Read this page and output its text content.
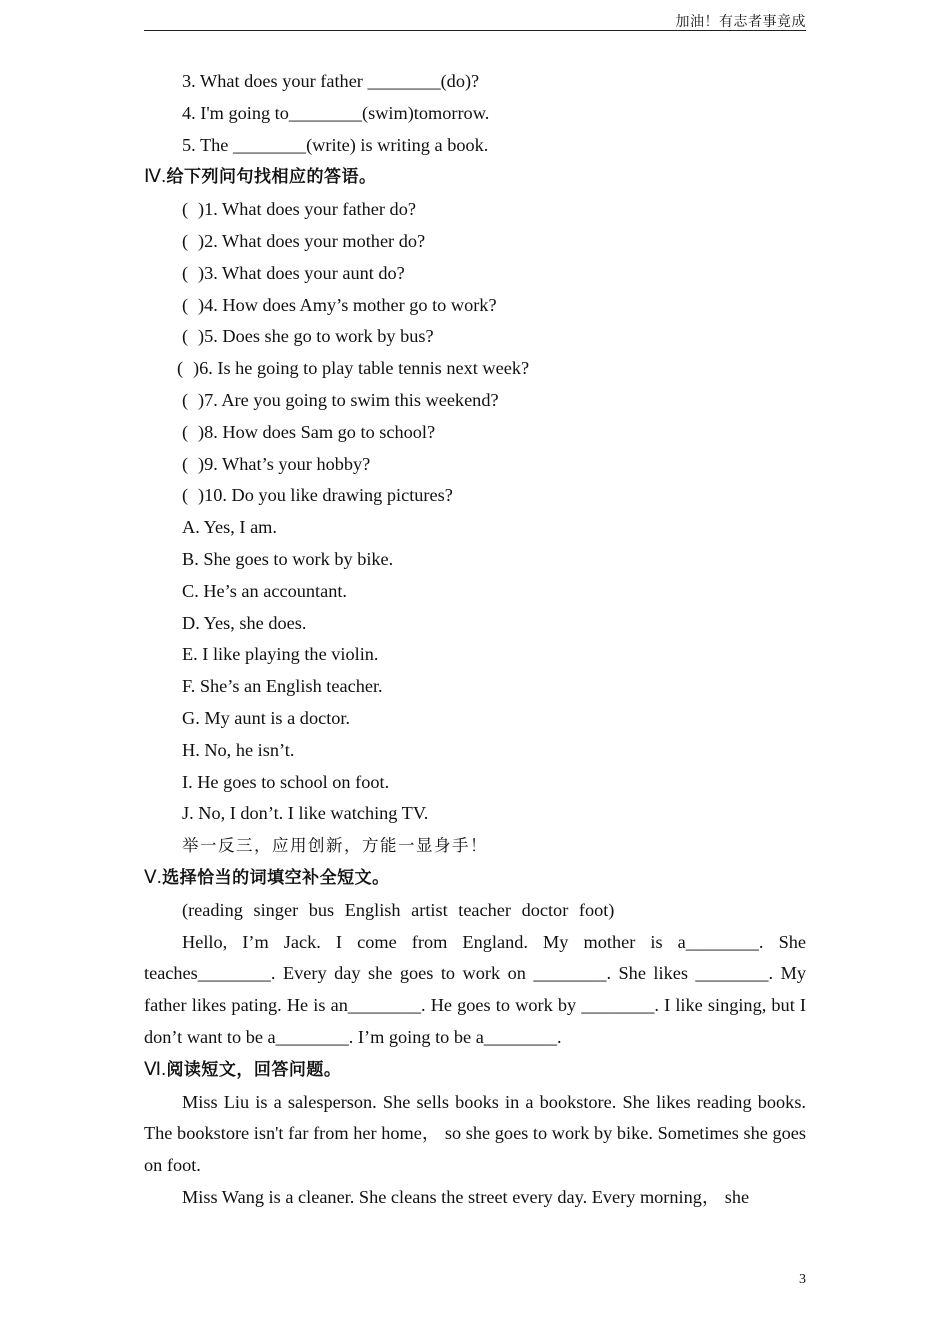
加油！有志者事竟成
3. What does your father ________(do)?
4. I'm going to________(swim)tomorrow.
5. The ________(write) is writing a book.
Ⅳ.给下列问句找相应的答语。
( )1. What does your father do?
( )2. What does your mother do?
( )3. What does your aunt do?
( )4. How does Amy’s mother go to work?
( )5. Does she go to work by bus?
( )6. Is he going to play table tennis next week?
( )7. Are you going to swim this weekend?
( )8. How does Sam go to school?
( )9. What’s your hobby?
( )10. Do you like drawing pictures?
A. Yes, I am.
B. She goes to work by bike.
C. He’s an accountant.
D. Yes, she does.
E. I like playing the violin.
F. She’s an English teacher.
G. My aunt is a doctor.
H. No, he isn’t.
I. He goes to school on foot.
J. No, I don’t. I like watching TV.
举一反三，应用创新，方能一显身手！
Ⅴ.选择恰当的词填空补全短文。
(reading singer bus English artist teacher doctor foot)
Hello, I’m Jack. I come from England. My mother is a________. She teaches________. Every day she goes to work on ________. She likes ________. My father likes pating. He is an________. He goes to work by ________. I like singing, but I don’t want to be a________. I’m going to be a________.
Ⅵ.阅读短文，回答问题。
Miss Liu is a salesperson. She sells books in a bookstore. She likes reading books. The bookstore isn't far from her home， so she goes to work by bike. Sometimes she goes on foot.
Miss Wang is a cleaner. She cleans the street every day. Every morning， she
3
